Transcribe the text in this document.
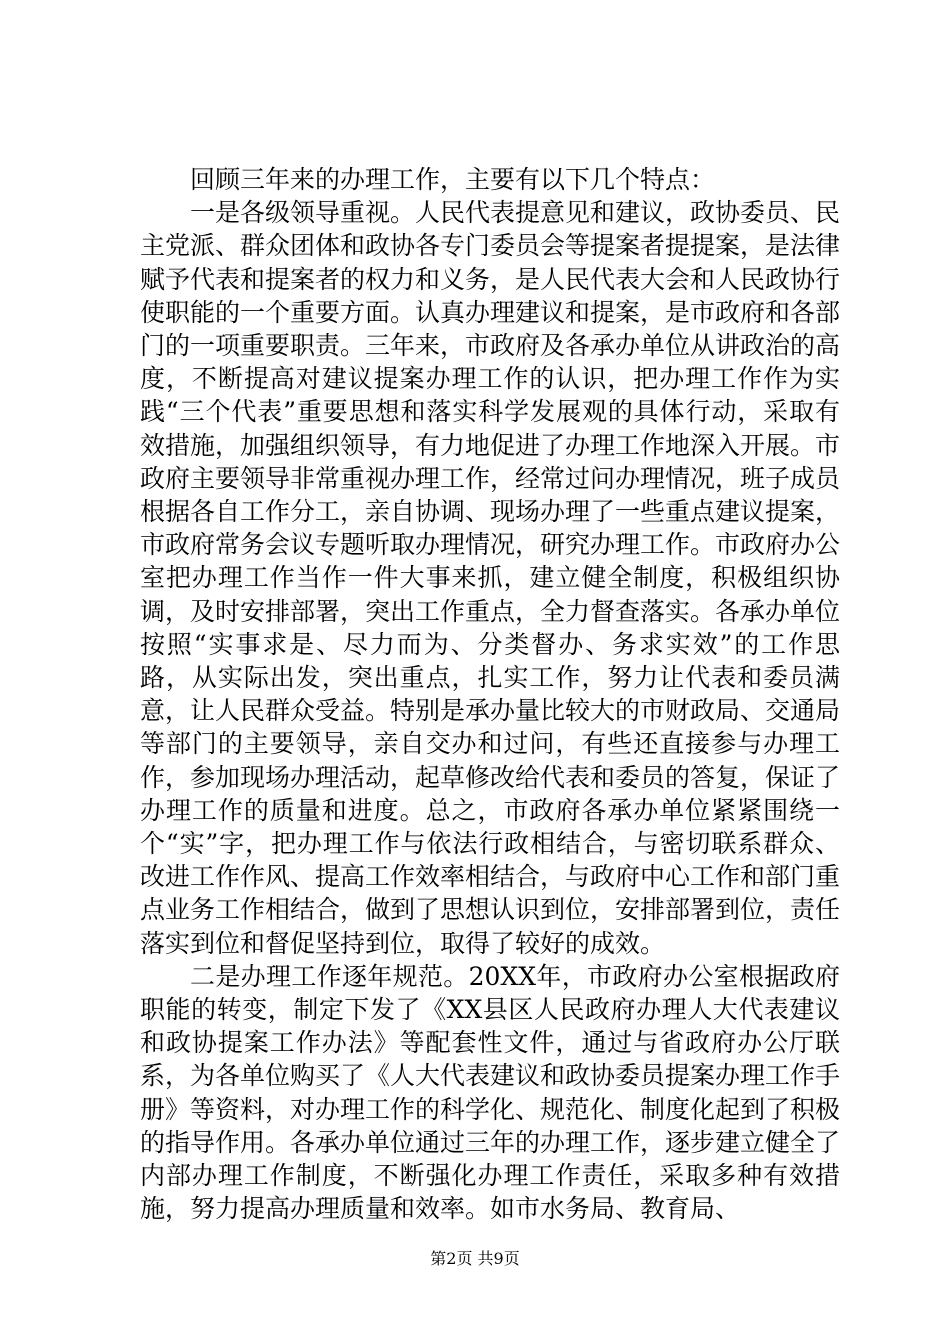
回顾三年来的办理工作，主要有以下几个特点：

一是各级领导重视。人民代表提意见和建议，政协委员、民主党派、群众团体和政协各专门委员会等提案者提提案，是法律赋予代表和提案者的权力和义务，是人民代表大会和人民政协行使职能的一个重要方面。认真办理建议和提案，是市政府和各部门的一项重要职责。三年来，市政府及各承办单位从讲政治的高度，不断提高对建议提案办理工作的认识，把办理工作作为实践“三个代表”重要思想和落实科学发展观的具体行动，采取有效措施，加强组织领导，有力地促进了办理工作地深入开展。市政府主要领导非常重视办理工作，经常过问办理情况，班子成员根据各自工作分工，亲自协调、现场办理了一些重点建议提案，市政府常务会议专题听取办理情况，研究办理工作。市政府办公室把办理工作当作一件大事来抓，建立健全制度，积极组织协调，及时安排部署，突出工作重点，全力督查落实。各承办单位按照“实事求是、尽力而为、分类督办、务求实效”的工作思路，从实际出发，突出重点，扎实工作，努力让代表和委员满意，让人民群众受益。特别是承办量比较大的市财政局、交通局等部门的主要领导，亲自交办和过问，有些还直接参与办理工作，参加现场办理活动，起草修改给代表和委员的答复，保证了办理工作的质量和进度。总之，市政府各承办单位紧紧围绕一个“实”字，把办理工作与依法行政相结合，与密切联系群众、改进工作作风、提高工作效率相结合，与政府中心工作和部门重点业务工作相结合，做到了思想认识到位，安排部署到位，责任落实到位和督促坚持到位，取得了较好的成效。

二是办理工作逐年规范。20XX年，市政府办公室根据政府职能的转变，制定下发了《XX县区人民政府办理人大代表建议和政协提案工作办法》等配套性文件，通过与省政府办公厅联系，为各单位购买了《人大代表建议和政协委员提案办理工作手册》等资料，对办理工作的科学化、规范化、制度化起到了积极的指导作用。各承办单位通过三年的办理工作，逐步建立健全了内部办理工作制度，不断强化办理工作责任，采取多种有效措施，努力提高办理质量和效率。如市水务局、教育局、

第2页 共9页
